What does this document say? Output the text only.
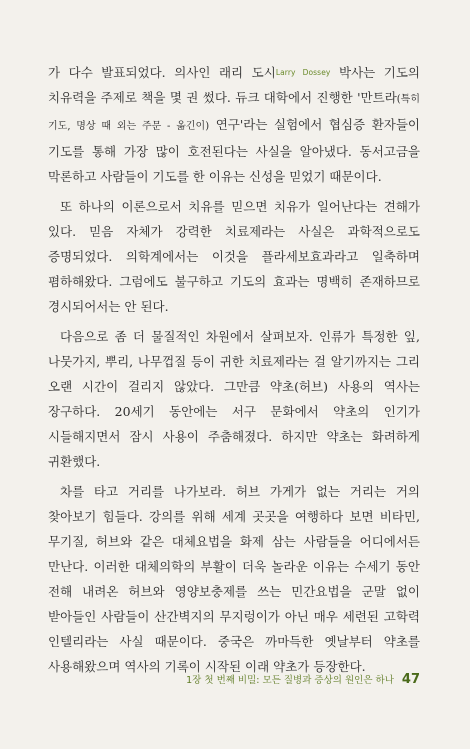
가 다수 발표되었다. 의사인 래리 도시Larry Dossey 박사는 기도의 치유력을 주제로 책을 몇 권 썼다. 듀크 대학에서 진행한 '만트라(특히 기도, 명상 때 외는 주문 - 옮긴이) 연구'라는 실험에서 협심증 환자들이 기도를 통해 가장 많이 호전된다는 사실을 알아냈다. 동서고금을 막론하고 사람들이 기도를 한 이유는 신성을 믿었기 때문이다.

또 하나의 이론으로서 치유를 믿으면 치유가 일어난다는 견해가 있다. 믿음 자체가 강력한 치료제라는 사실은 과학적으로도 증명되었다. 의학계에서는 이것을 플라세보효과라고 일축하며 폄하해왔다. 그럼에도 불구하고 기도의 효과는 명백히 존재하므로 경시되어서는 안 된다.

다음으로 좀 더 물질적인 차원에서 살펴보자. 인류가 특정한 잎, 나뭇가지, 뿌리, 나무껍질 등이 귀한 치료제라는 걸 알기까지는 그리 오랜 시간이 걸리지 않았다. 그만큼 약초(허브) 사용의 역사는 장구하다. 20세기 동안에는 서구 문화에서 약초의 인기가 시들해지면서 잠시 사용이 주춤해졌다. 하지만 약초는 화려하게 귀환했다.

차를 타고 거리를 나가보라. 허브 가게가 없는 거리는 거의 찾아보기 힘들다. 강의를 위해 세계 곳곳을 여행하다 보면 비타민, 무기질, 허브와 같은 대체요법을 화제 삼는 사람들을 어디에서든 만난다. 이러한 대체의학의 부활이 더욱 놀라운 이유는 수세기 동안 전해 내려온 허브와 영양보충제를 쓰는 민간요법을 군말 없이 받아들인 사람들이 산간벽지의 무지렁이가 아닌 매우 세련된 고학력 인텔리라는 사실 때문이다. 중국은 까마득한 옛날부터 약초를 사용해왔으며 역사의 기록이 시작된 이래 약초가 등장한다.

1장 첫 번째 비밀: 모든 질병과 증상의 원인은 하나 47
